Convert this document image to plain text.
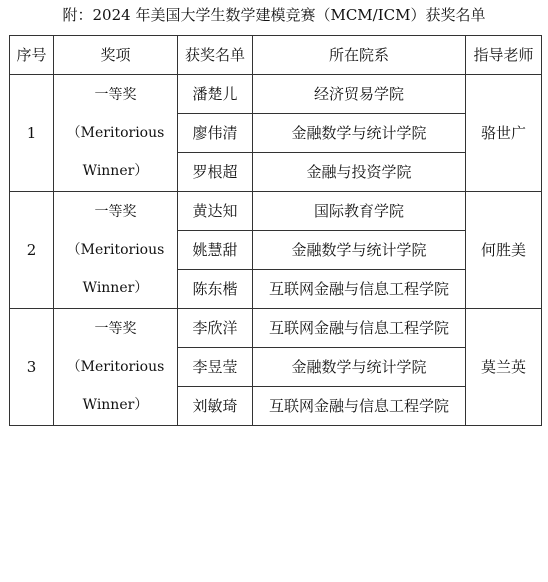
附：2024 年美国大学生数学建模竞赛（MCM/ICM）获奖名单
序号	奖项	获奖名单	所在院系	指导老师
1	一等奖
（Meritorious
Winner）	潘楚儿	经济贸易学院	骆世广
		廖伟清	金融数学与统计学院	
		罗根超	金融与投资学院	
2	一等奖
（Meritorious
Winner）	黄达知	国际教育学院	何胜美
		姚慧甜	金融数学与统计学院	
		陈东楷	互联网金融与信息工程学院	
3	一等奖
（Meritorious
Winner）	李欣洋	互联网金融与信息工程学院	莫兰英
		李昱莹	金融数学与统计学院	
		刘敏琦	互联网金融与信息工程学院	
